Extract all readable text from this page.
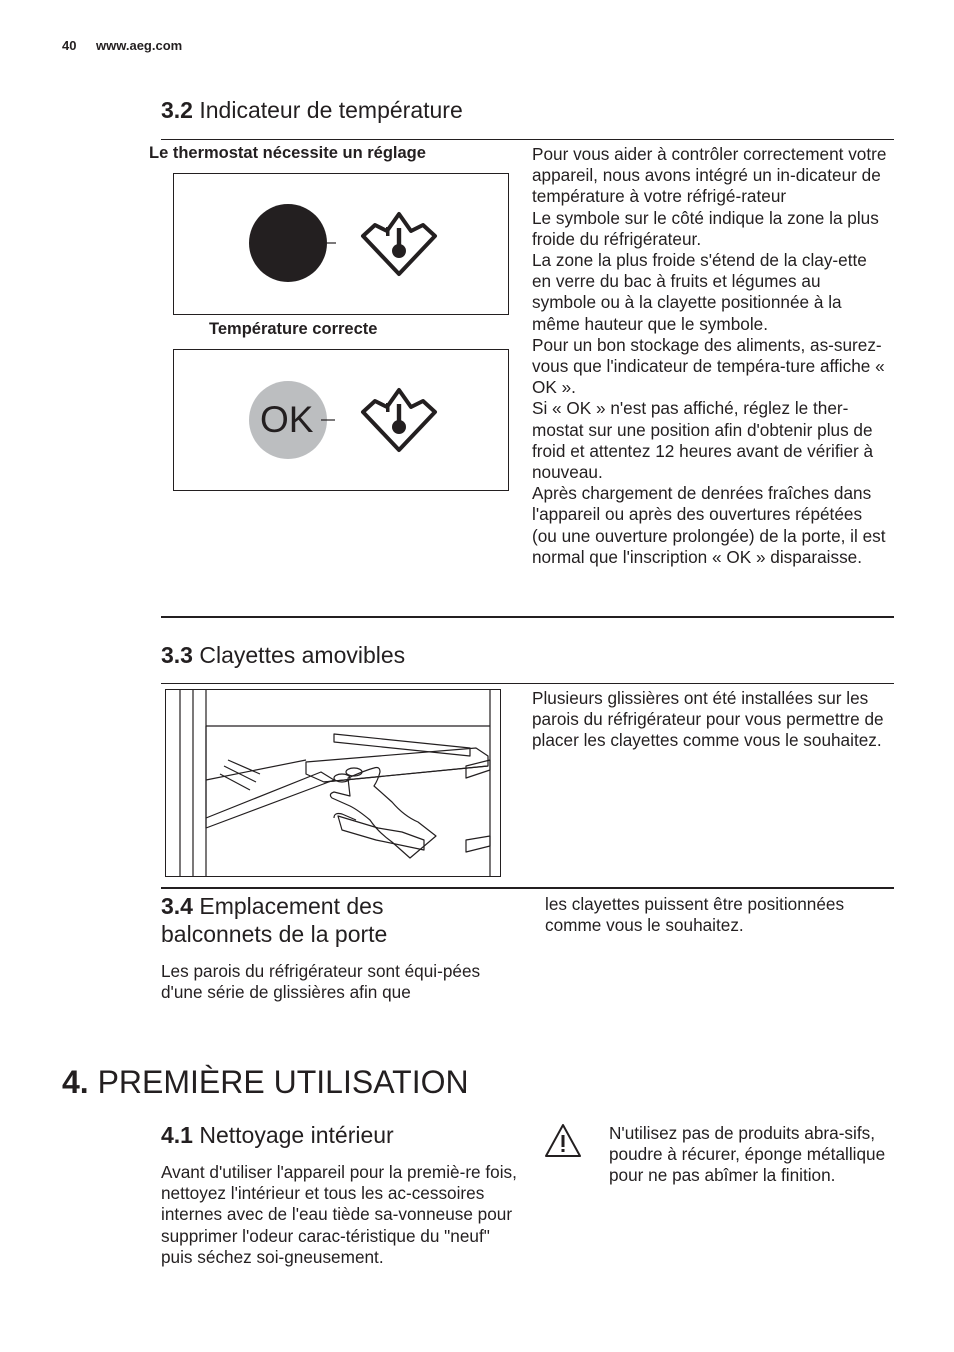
40 www.aeg.com
3.2 Indicateur de température
Le thermostat nécessite un réglage
Température correcte
OK

Pour vous aider à contrôler correctement votre appareil, nous avons intégré un in-dicateur de température à votre réfrigé-rateur

Le symbole sur le côté indique la zone la plus froide du réfrigérateur.

La zone la plus froide s'étend de la clay-ette en verre du bac à fruits et légumes au symbole ou à la clayette positionnée à la même hauteur que le symbole.

Pour un bon stockage des aliments, as-surez-vous que l'indicateur de tempéra-ture affiche « OK ».

Si « OK » n'est pas affiché, réglez le ther-mostat sur une position afin d'obtenir plus de froid et attentez 12 heures avant de vérifier à nouveau.

Après chargement de denrées fraîches dans l'appareil ou après des ouvertures répétées (ou une ouverture prolongée) de la porte, il est normal que l'inscription « OK » disparaisse.

3.3 Clayettes amovibles
Plusieurs glissières ont été installées sur les parois du réfrigérateur pour vous permettre de placer les clayettes comme vous le souhaitez.
3.4 Emplacement des balconnets de la porte
Les parois du réfrigérateur sont équi-pées d'une série de glissières afin que
les clayettes puissent être positionnées comme vous le souhaitez.
4. PREMIÈRE UTILISATION
4.1 Nettoyage intérieur
Avant d'utiliser l'appareil pour la premiè-re fois, nettoyez l'intérieur et tous les ac-cessoires internes avec de l'eau tiède sa-vonneuse pour supprimer l'odeur carac-téristique du "neuf" puis séchez soi-gneusement.
N'utilisez pas de produits abra-sifs, poudre à récurer, éponge métallique pour ne pas abîmer la finition.
